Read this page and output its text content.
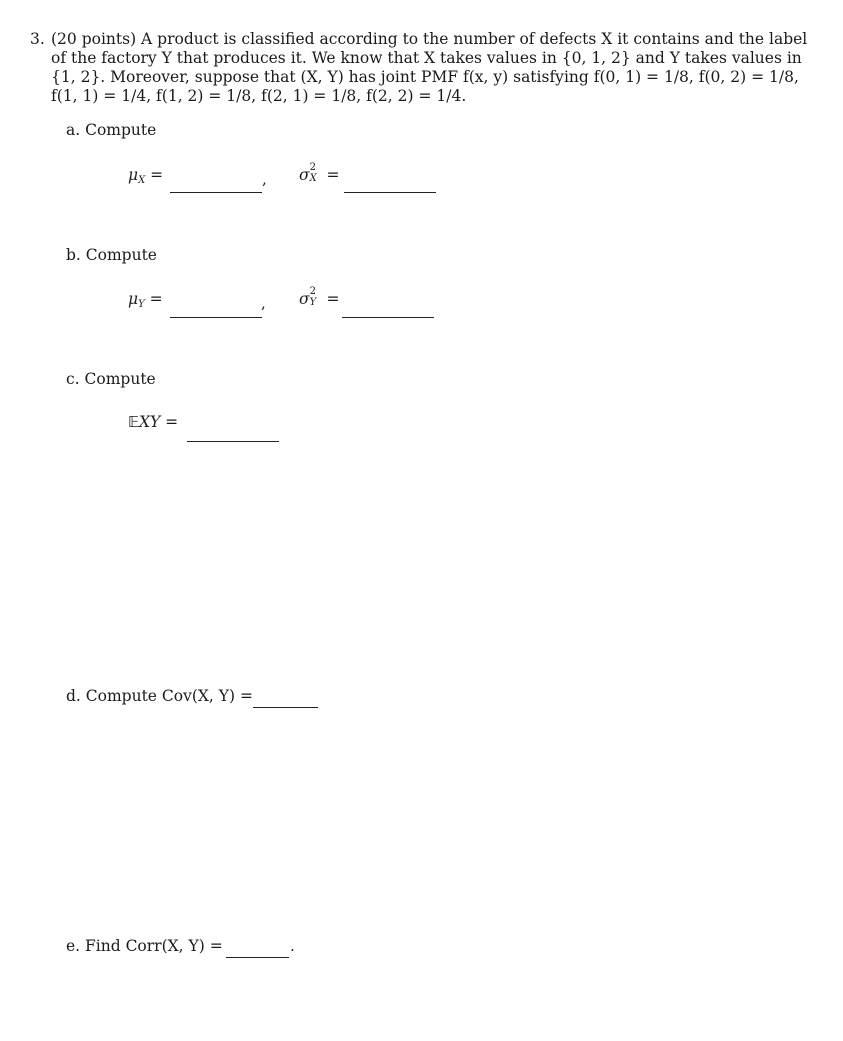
3. (20 points) A product is classified according to the number of defects X it contains and the label
of the factory Y that produces it. We know that X takes values in {0, 1, 2} and Y takes values in
{1, 2}. Moreover, suppose that (X, Y) has joint PMF f(x, y) satisfying f(0, 1) = 1/8, f(0, 2) = 1/8,
f(1, 1) = 1/4, f(1, 2) = 1/8, f(2, 1) = 1/8, f(2, 2) = 1/4.
a. Compute
$\mu_X$ =	, σ 2
X =
b. Compute
$\mu_Y$ =	, σ 2
Y =
c. Compute
𝔼XY =
d. Compute Cov(X, Y) =
e. Find Corr(X, Y) =	.
